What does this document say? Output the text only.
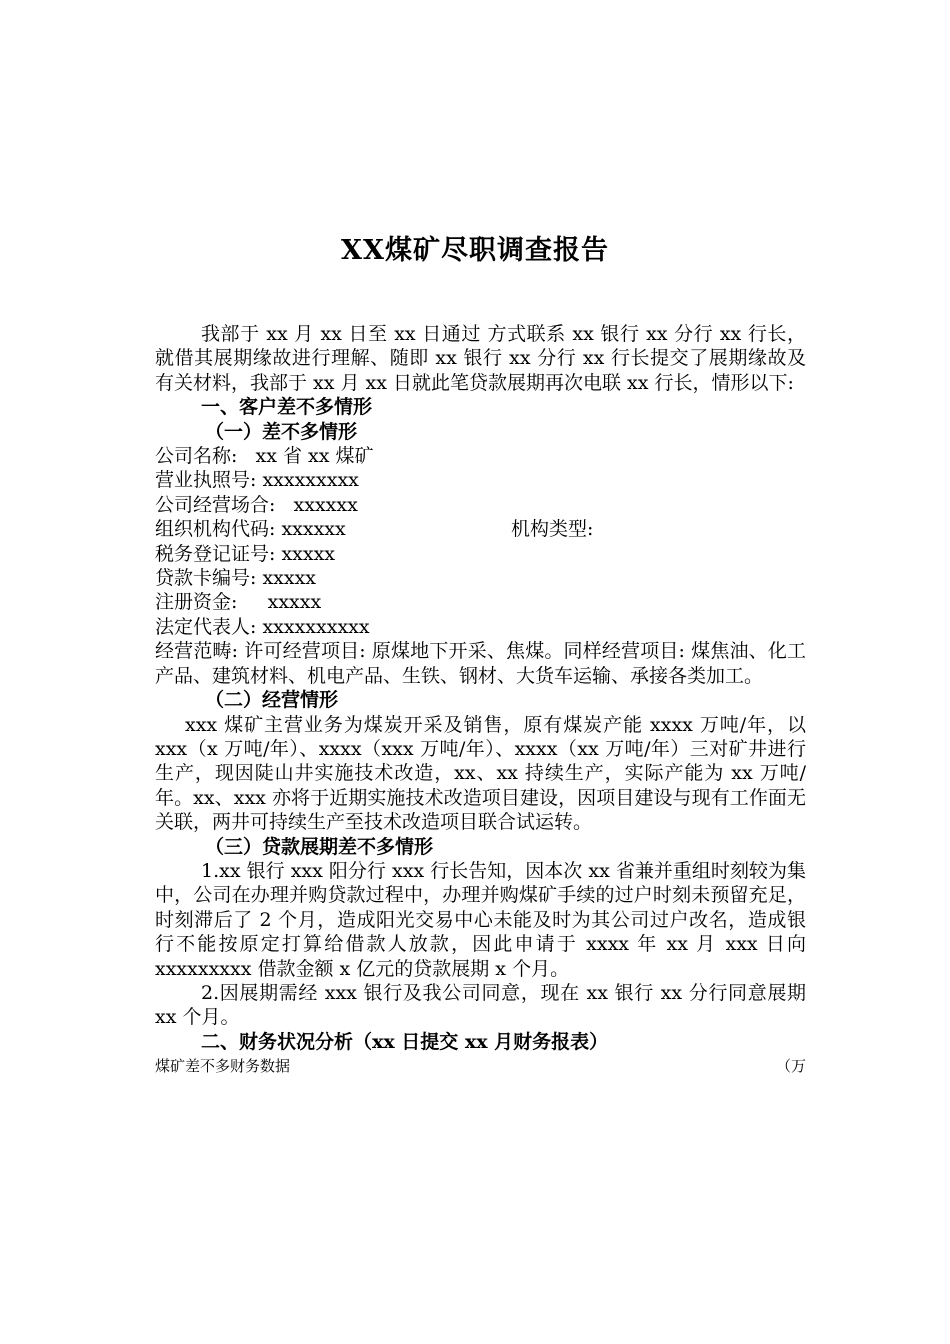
XX煤矿尽职调查报告
我部于 xx 月 xx 日至 xx 日通过 方式联系 xx 银行 xx 分行 xx 行长，就借其展期缘故进行理解、随即 xx 银行 xx 分行 xx 行长提交了展期缘故及有关材料，我部于 xx 月 xx 日就此笔贷款展期再次电联 xx 行长，情形以下:
一、客户差不多情形
（一）差不多情形
公司名称: xx 省 xx 煤矿
营业执照号: xxxxxxxxx
公司经营场合: xxxxxx
组织机构代码: xxxxxx	机构类型:
税务登记证号: xxxxx
贷款卡编号: xxxxx
注册资金: xxxxx
法定代表人: xxxxxxxxxx
经营范畴: 许可经营项目: 原煤地下开采、焦煤。同样经营项目: 煤焦油、化工产品、建筑材料、机电产品、生铁、钢材、大货车运输、承接各类加工。
（二）经营情形
xxx 煤矿主营业务为煤炭开采及销售，原有煤炭产能 xxxx 万吨/年，以 xxx（x 万吨/年）、xxxx（xxx 万吨/年）、xxxx（xx 万吨/年）三对矿井进行生产，现因陡山井实施技术改造，xx、xx 持续生产，实际产能为 xx 万吨/年。xx、xxx 亦将于近期实施技术改造项目建设，因项目建设与现有工作面无关联，两井可持续生产至技术改造项目联合试运转。
（三）贷款展期差不多情形
1.xx 银行 xxx 阳分行 xxx 行长告知，因本次 xx 省兼并重组时刻较为集中，公司在办理并购贷款过程中，办理并购煤矿手续的过户时刻未预留充足，时刻滞后了 2 个月，造成阳光交易中心未能及时为其公司过户改名，造成银行不能按原定打算给借款人放款，因此申请于 xxxx 年 xx 月 xxx 日向 xxxxxxxxx 借款金额 x 亿元的贷款展期 x 个月。
2.因展期需经 xxx 银行及我公司同意，现在 xx 银行 xx 分行同意展期 xx 个月。
二、财务状况分析（xx 日提交 xx 月财务报表）
煤矿差不多财务数据	（万
